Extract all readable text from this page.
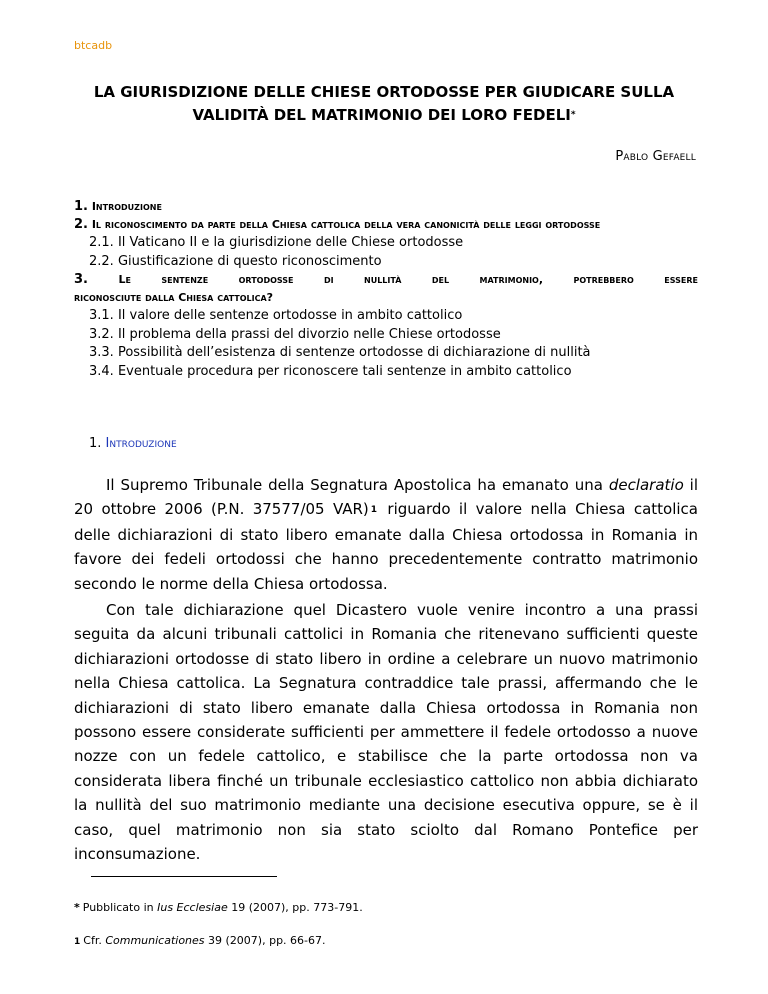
btcadb
LA GIURISDIZIONE DELLE CHIESE ORTODOSSE PER GIUDICARE SULLA
VALIDITÀ DEL MATRIMONIO DEI LORO FEDELI*
Pablo Gefaell
1. Introduzione
2. Il riconoscimento da parte della Chiesa cattolica della vera canonicità delle leggi ortodosse
2.1. Il Vaticano II e la giurisdizione delle Chiese ortodosse
2.2. Giustificazione di questo riconoscimento
3.	Le sentenze ortodosse di nullità del matrimonio, potrebbero essere
riconosciute dalla Chiesa cattolica?
3.1. Il valore delle sentenze ortodosse in ambito cattolico
3.2. Il problema della prassi del divorzio nelle Chiese ortodosse
3.3. Possibilità dell’esistenza di sentenze ortodosse di dichiarazione di nullità
3.4. Eventuale procedura per riconoscere tali sentenze in ambito cattolico
1. Introduzione

Il Supremo Tribunale della Segnatura Apostolica ha emanato una declaratio il 20 ottobre 2006 (P.N. 37577/05 VAR) 1 riguardo il valore nella Chiesa cattolica delle dichiarazioni di stato libero emanate dalla Chiesa ortodossa in Romania in favore dei fedeli ortodossi che hanno precedentemente contratto matrimonio secondo le norme della Chiesa ortodossa.

Con tale dichiarazione quel Dicastero vuole venire incontro a una prassi seguita da alcuni tribunali cattolici in Romania che ritenevano sufficienti queste dichiarazioni ortodosse di stato libero in ordine a celebrare un nuovo matrimonio nella Chiesa cattolica. La Segnatura contraddice tale prassi, affermando che le dichiarazioni di stato libero emanate dalla Chiesa ortodossa in Romania non possono essere considerate sufficienti per ammettere il fedele ortodosso a nuove nozze con un fedele cattolico, e stabilisce che la parte ortodossa non va considerata libera finché un tribunale ecclesiastico cattolico non abbia dichiarato la nullità del suo matrimonio mediante una decisione esecutiva oppure, se è il caso, quel matrimonio non sia stato sciolto dal Romano Pontefice per inconsumazione.

* Pubblicato in Ius Ecclesiae 19 (2007), pp. 773-791.
1 Cfr. Communicationes 39 (2007), pp. 66-67.
